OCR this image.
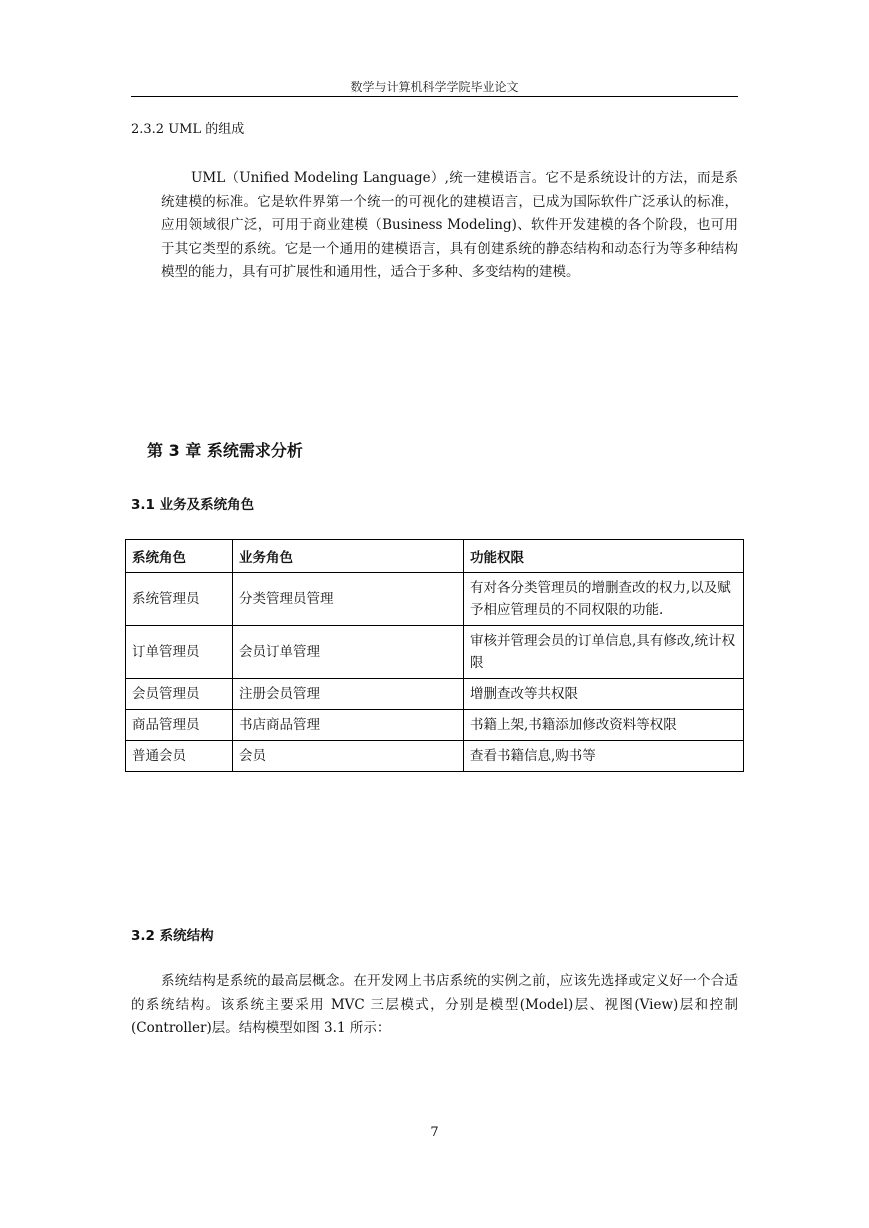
数学与计算机科学学院毕业论文
2.3.2 UML 的组成

UML（Unified Modeling Language）,统一建模语言。它不是系统设计的方法，而是系统建模的标准。它是软件界第一个统一的可视化的建模语言，已成为国际软件广泛承认的标准，应用领域很广泛，可用于商业建模（Business Modeling)、软件开发建模的各个阶段，也可用于其它类型的系统。它是一个通用的建模语言，具有创建系统的静态结构和动态行为等多种结构模型的能力，具有可扩展性和通用性，适合于多种、多变结构的建模。

第 3 章 系统需求分析
3.1 业务及系统角色
系统角色	业务角色	功能权限
系统管理员	分类管理员管理	有对各分类管理员的增删查改的权力,以及赋予相应管理员的不同权限的功能.
订单管理员	会员订单管理	审核并管理会员的订单信息,具有修改,统计权限
会员管理员	注册会员管理	增删查改等共权限
商品管理员	书店商品管理	书籍上架,书籍添加修改资料等权限
普通会员	会员	查看书籍信息,购书等
3.2 系统结构

系统结构是系统的最高层概念。在开发网上书店系统的实例之前，应该先选择或定义好一个合适的系统结构。该系统主要采用 MVC 三层模式，分别是模型(Model)层、视图(View)层和控制(Controller)层。结构模型如图 3.1 所示：

7
